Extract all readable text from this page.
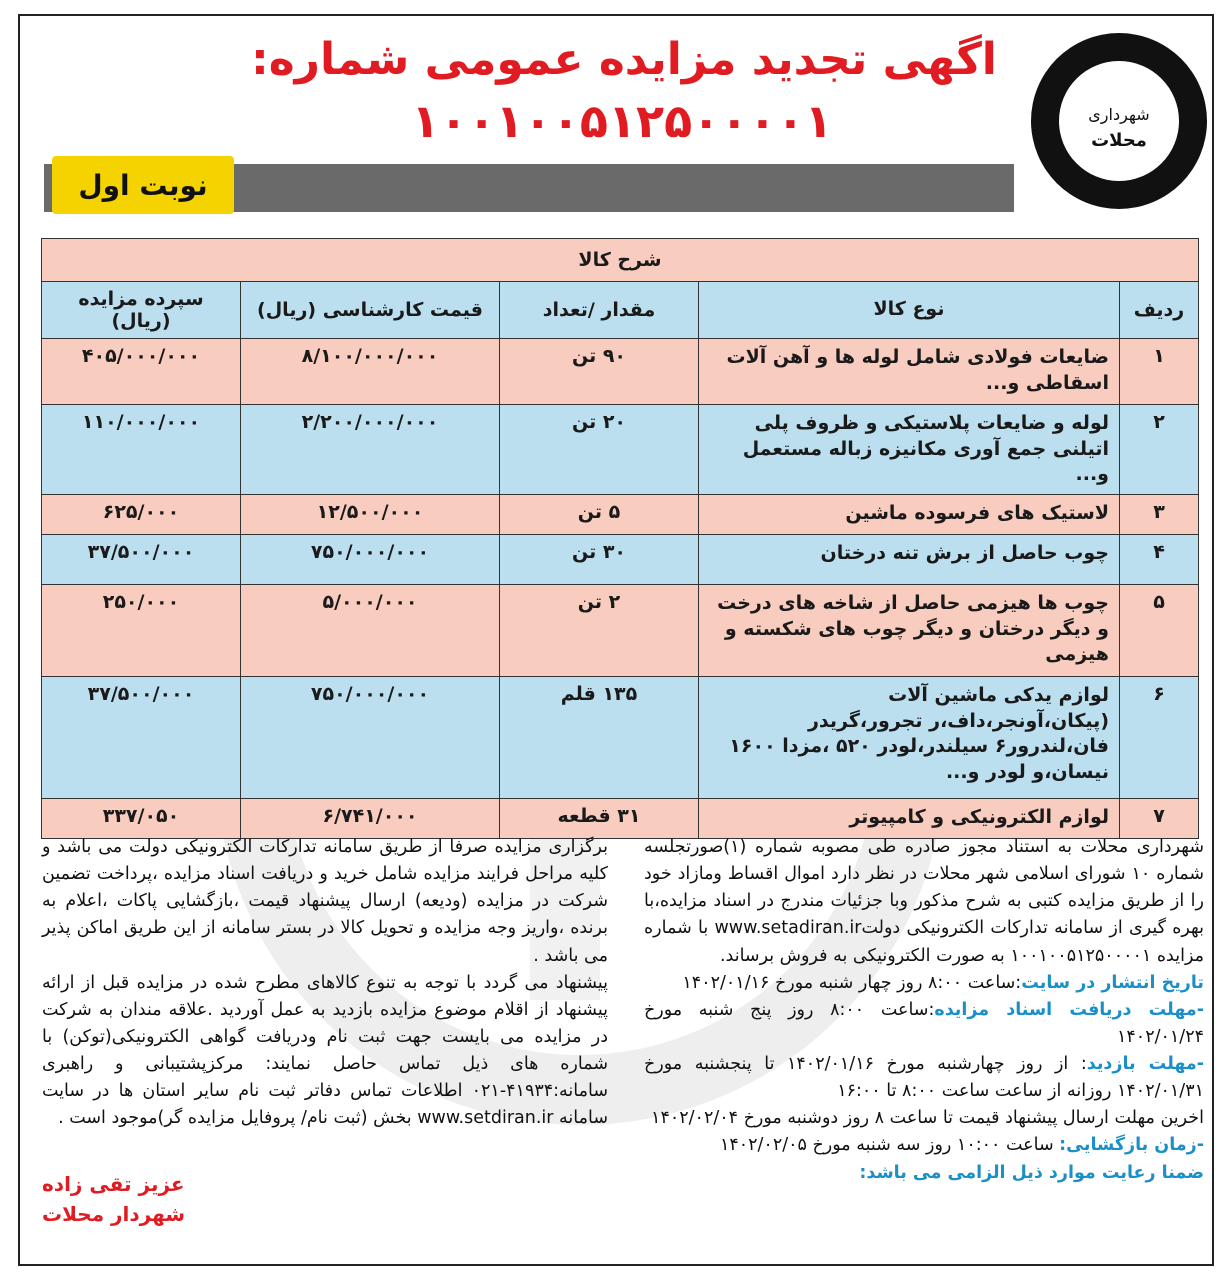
اگهی تجدید مزایده عمومی شماره:
۱۰۰۱۰۰۵۱۲۵۰۰۰۰۱	شهرداری
محلات
نوبت اول
شرح کالا				
ردیف	نوع کالا	مقدار /تعداد	قیمت کارشناسی (ریال)	سپرده مزایده (ریال)
۱	ضایعات فولادی شامل لوله ها و آهن آلات اسقاطی و...	۹۰ تن	۸/۱۰۰/۰۰۰/۰۰۰	۴۰۵/۰۰۰/۰۰۰
۲	لوله و ضایعات پلاستیکی و ظروف پلی اتیلنی جمع آوری مکانیزه زباله مستعمل و...	۲۰ تن	۲/۲۰۰/۰۰۰/۰۰۰	۱۱۰/۰۰۰/۰۰۰
۳	لاستیک های فرسوده ماشین	۵ تن	۱۲/۵۰۰/۰۰۰	۶۲۵/۰۰۰
۴	چوب حاصل از برش تنه درختان	۳۰ تن	۷۵۰/۰۰۰/۰۰۰	۳۷/۵۰۰/۰۰۰
۵	چوب ها هیزمی حاصل از شاخه های درخت و دیگر درختان و دیگر چوب های شکسته و هیزمی	۲ تن	۵/۰۰۰/۰۰۰	۲۵۰/۰۰۰
۶	لوازم یدکی ماشین آلات (پیکان،آونجر،داف،ر تجرور،گریدر فان،لندرور۶ سیلندر،لودر ۵۲۰ ،مزدا ۱۶۰۰ نیسان،و لودر و...	۱۳۵ قلم	۷۵۰/۰۰۰/۰۰۰	۳۷/۵۰۰/۰۰۰
۷	لوازم الکترونیکی و کامپیوتر	۳۱ قطعه	۶/۷۴۱/۰۰۰	۳۳۷/۰۵۰

شهرداری محلات به استناد مجوز صادره طی مصوبه شماره (۱)صورتجلسه شماره ۱۰ شورای اسلامی شهر محلات در نظر دارد اموال اقساط ومازاد خود را از طریق مزایده کتبی به شرح مذکور وبا جزئیات مندرج در اسناد مزایده،با بهره گیری از سامانه تدارکات الکترونیکی دولتwww.setadiran.ir با شماره مزایده ۱۰۰۱۰۰۵۱۲۵۰۰۰۰۱ به صورت الکترونیکی به فروش برساند.

تاریخ انتشار در سایت:ساعت ۸:۰۰ روز چهار شنبه مورخ ۱۴۰۲/۰۱/۱۶

-مهلت دریافت اسناد مزایده:ساعت ۸:۰۰ روز پنج شنبه مورخ ۱۴۰۲/۰۱/۲۴

-مهلت بازدید: از روز چهارشنبه مورخ ۱۴۰۲/۰۱/۱۶ تا پنجشنبه مورخ ۱۴۰۲/۰۱/۳۱ روزانه از ساعت ساعت ۸:۰۰ تا ۱۶:۰۰

اخرین مهلت ارسال پیشنهاد قیمت تا ساعت ۸ روز دوشنبه مورخ ۱۴۰۲/۰۲/۰۴

-زمان بازگشایی: ساعت ۱۰:۰۰ روز سه شنبه مورخ ۱۴۰۲/۰۲/۰۵

ضمنا رعایت موارد ذیل الزامی می باشد:

برگزاری مزایده صرفا از طریق سامانه تدارکات الکترونیکی دولت می باشد و کلیه مراحل فرایند مزایده شامل خرید و دریافت اسناد مزایده ،پرداخت تضمین شرکت در مزایده (ودیعه) ارسال پیشنهاد قیمت ،بازگشایی پاکات ،اعلام به برنده ،واریز وجه مزایده و تحویل کالا در بستر سامانه از این طریق اماکن پذیر می باشد .

پیشنهاد می گردد با توجه به تنوع کالاهای مطرح شده در مزایده قبل از ارائه پیشنهاد از اقلام موضوع مزایده بازدید به عمل آوردید .علاقه مندان به شرکت در مزایده می بایست جهت ثبت نام ودریافت گواهی الکترونیکی(توکن) با شماره های ذیل تماس حاصل نمایند: مرکزپشتیبانی و راهبری سامانه:۴۱۹۳۴-۰۲۱ اطلاعات تماس دفاتر ثبت نام سایر استان ها در سایت سامانه www.setdiran.ir بخش (ثبت نام/ پروفایل مزایده گر)موجود است .

عزیز تقی زاده
شهردار محلات
